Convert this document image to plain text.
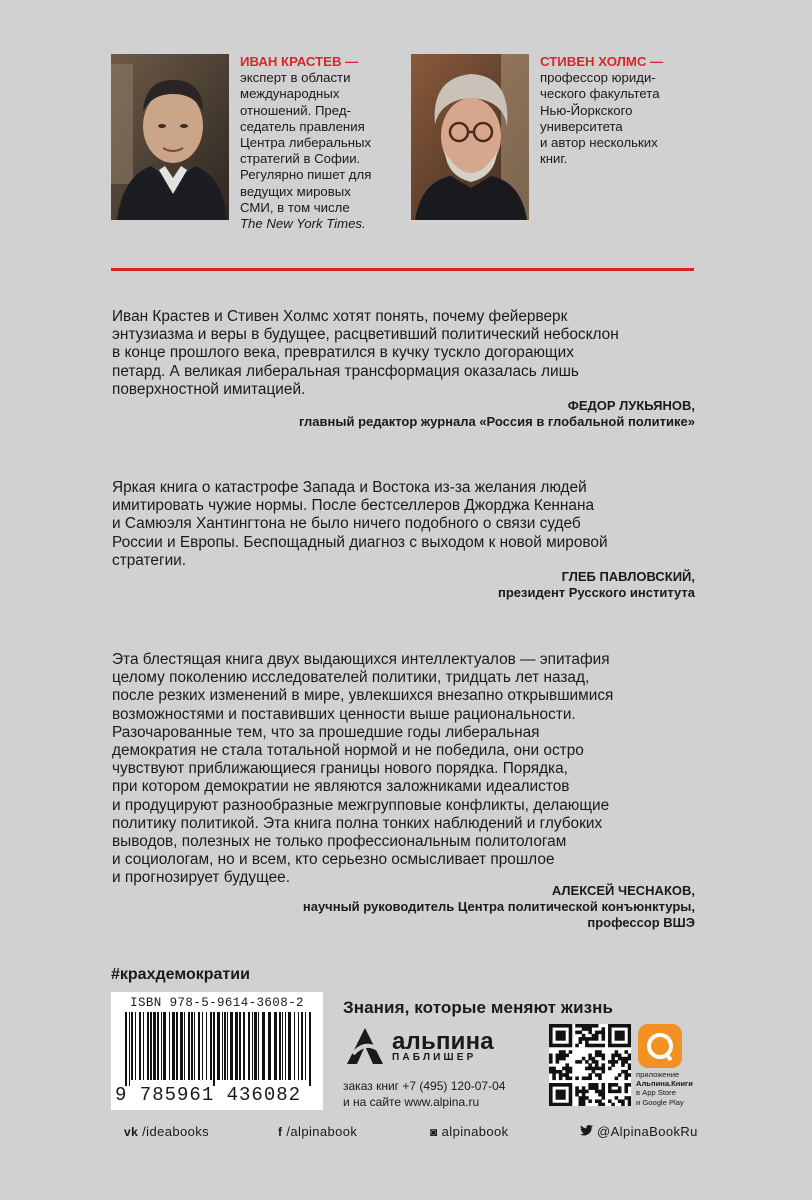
ИВАН КРАСТЕВ —
эксперт в области
международных
отношений. Пред-
седатель правления
Центра либеральных
стратегий в Софии.
Регулярно пишет для
ведущих мировых
СМИ, в том числе
The New York Times.
СТИВЕН ХОЛМС —
профессор юриди-
ческого факультета
Нью-Йоркского
университета
и автор нескольких
книг.
Иван Крастев и Стивен Холмс хотят понять, почему фейерверк
энтузиазма и веры в будущее, расцветивший политический небосклон
в конце прошлого века, превратился в кучку тускло догорающих
петард. А великая либеральная трансформация оказалась лишь
поверхностной имитацией.
ФЕДОР ЛУКЬЯНОВ,
главный редактор журнала «Россия в глобальной политике»
Яркая книга о катастрофе Запада и Востока из-за желания людей
имитировать чужие нормы. После бестселлеров Джорджа Кеннана
и Самюэля Хантингтона не было ничего подобного о связи судеб
России и Европы. Беспощадный диагноз с выходом к новой мировой
стратегии.
ГЛЕБ ПАВЛОВСКИЙ,
президент Русского института
Эта блестящая книга двух выдающихся интеллектуалов — эпитафия
целому поколению исследователей политики, тридцать лет назад,
после резких изменений в мире, увлекшихся внезапно открывшимися
возможностями и поставивших ценности выше рациональности.
Разочарованные тем, что за прошедшие годы либеральная
демократия не стала тотальной нормой и не победила, они остро
чувствуют приближающиеся границы нового порядка. Порядка,
при котором демократии не являются заложниками идеалистов
и продуцируют разнообразные межгрупповые конфликты, делающие
политику политикой. Эта книга полна тонких наблюдений и глубоких
выводов, полезных не только профессиональным политологам
и социологам, но и всем, кто серьезно осмысливает прошлое
и прогнозирует будущее.
АЛЕКСЕЙ ЧЕСНАКОВ,
научный руководитель Центра политической конъюнктуры,
профессор ВШЭ
#крахдемократии
ISBN 978-5-9614-3608-2
9 785961 436082
Знания, которые меняют жизнь
альпина
ПАБЛИШЕР
заказ книг +7 (495) 120-07-04
и на сайте www.alpina.ru
приложение
Альпина.Книги
в App Store
и Google Play
vk /ideabooks	f /alpinabook	◙ alpinabook	@AlpinaBookRu
